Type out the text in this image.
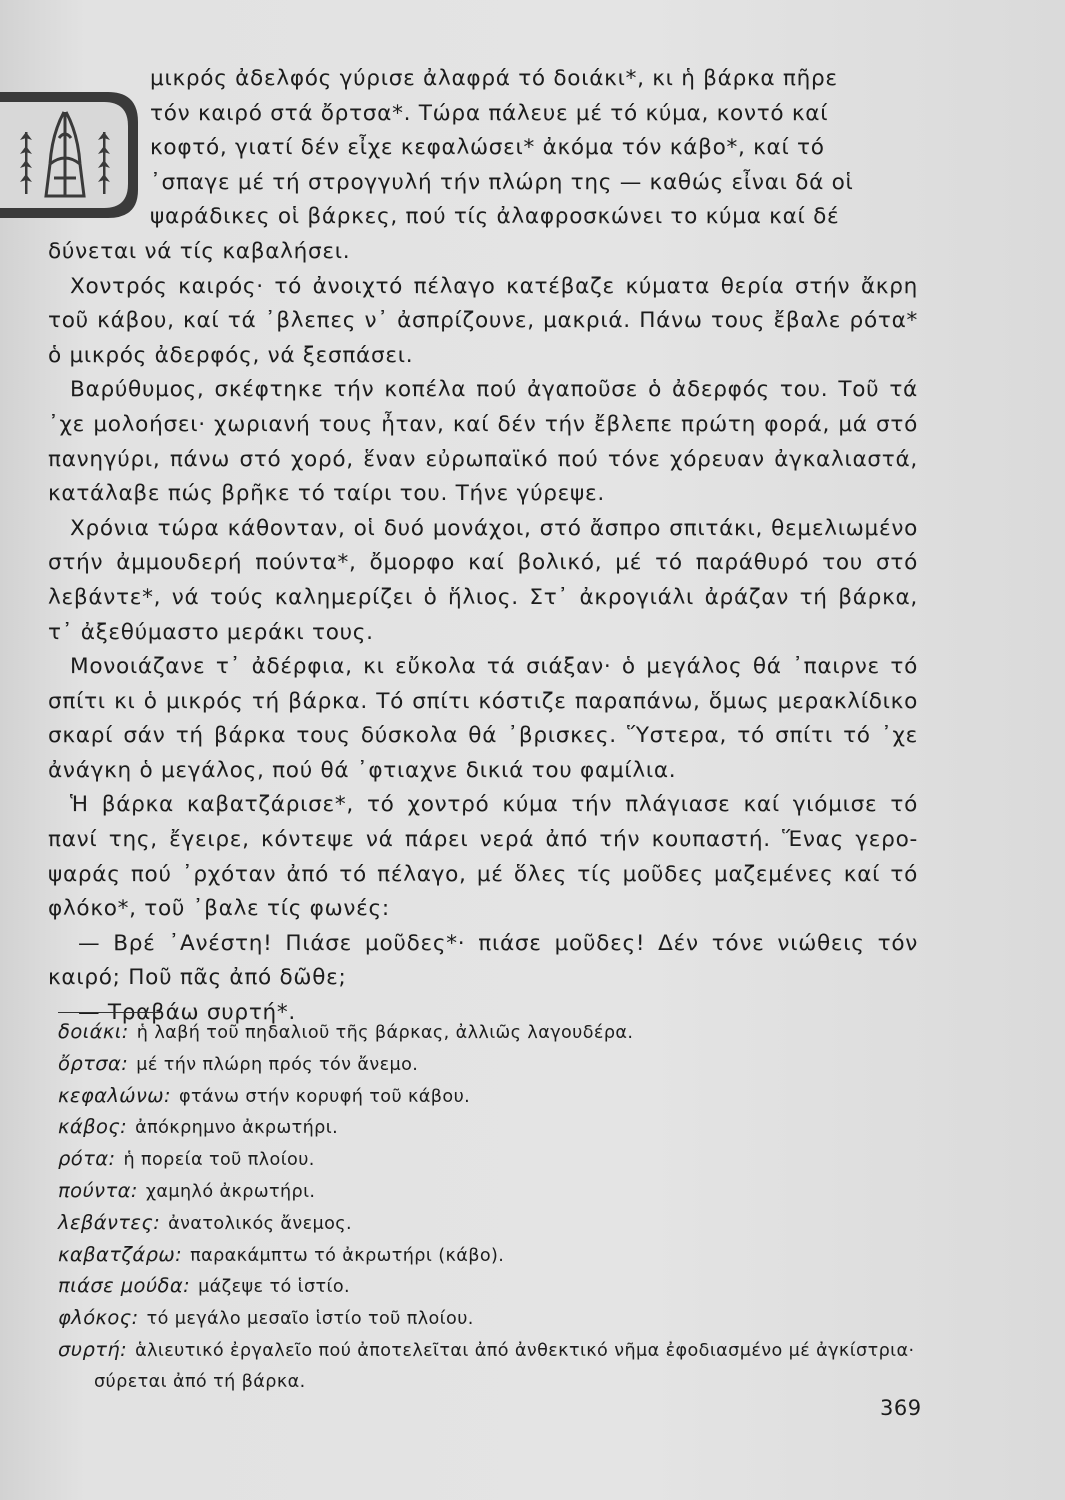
μικρός ἀδελφός γύρισε ἀλαφρά τό δοιάκι*, κι ἡ βάρκα πῆρε
τόν καιρό στά ὄρτσα*. Τώρα πάλευε μέ τό κύμα, κοντό καί
κοφτό, γιατί δέν εἶχε κεφαλώσει* ἀκόμα τόν κάβο*, καί τό
᾽σπαγε μέ τή στρογγυλή τήν πλώρη της — καθώς εἶναι δά οἱ
ψαράδικες οἱ βάρκες, πού τίς ἀλαφροσκώνει το κύμα καί δέ

δύνεται νά τίς καβαλήσει.

Χοντρός καιρός· τό ἀνοιχτό πέλαγο κατέβαζε κύματα θερία στήν ἄκρη τοῦ κάβου, καί τά ᾽βλεπες ν᾽ ἀσπρίζουνε, μακριά. Πάνω τους ἔβαλε ρότα* ὁ μικρός ἀδερφός, νά ξεσπάσει.

Βαρύθυμος, σκέφτηκε τήν κοπέλα πού ἀγαποῦσε ὁ ἀδερφός του. Τοῦ τά ᾽χε μολοήσει· χωριανή τους ἦταν, καί δέν τήν ἔβλεπε πρώτη φορά, μά στό πανηγύρι, πάνω στό χορό, ἕναν εὐρωπαϊκό πού τόνε χόρευαν ἀγκαλιαστά, κατάλαβε πώς βρῆκε τό ταίρι του. Τήνε γύρεψε.

Χρόνια τώρα κάθονταν, οἱ δυό μονάχοι, στό ἄσπρο σπιτάκι, θεμελιωμένο στήν ἀμμουδερή πούντα*, ὄμορφο καί βολικό, μέ τό παράθυρό του στό λεβάντε*, νά τούς καλημερίζει ὁ ἥλιος. Στ᾽ ἀκρογιάλι ἀράζαν τή βάρκα, τ᾽ ἀξεθύμαστο μεράκι τους.

Μονοιάζανε τ᾽ ἀδέρφια, κι εὔκολα τά σιάξαν· ὁ μεγάλος θά ᾽παιρνε τό σπίτι κι ὁ μικρός τή βάρκα. Τό σπίτι κόστιζε παραπάνω, ὅμως μερακλίδικο σκαρί σάν τή βάρκα τους δύσκολα θά ᾽βρισκες. Ὕστερα, τό σπίτι τό ᾽χε ἀνάγκη ὁ μεγάλος, πού θά ᾽φτιαχνε δικιά του φαμίλια.

Ἡ βάρκα καβατζάρισε*, τό χοντρό κύμα τήν πλάγιασε καί γιόμισε τό πανί της, ἔγειρε, κόντεψε νά πάρει νερά ἀπό τήν κουπαστή. Ἕνας γερο-ψαράς πού ᾽ρχόταν ἀπό τό πέλαγο, μέ ὅλες τίς μοῦδες μαζεμένες καί τό φλόκο*, τοῦ ᾽βαλε τίς φωνές:

— Βρέ ᾽Ανέστη! Πιάσε μοῦδες*· πιάσε μοῦδες! Δέν τόνε νιώθεις τόν καιρό; Ποῦ πᾶς ἀπό δῶθε;

— Τραβάω συρτή*.

δοιάκι: ἡ λαβή τοῦ πηδαλιοῦ τῆς βάρκας, ἀλλιῶς λαγουδέρα.

ὄρτσα: μέ τήν πλώρη πρός τόν ἄνεμο.

κεφαλώνω: φτάνω στήν κορυφή τοῦ κάβου.

κάβος: ἀπόκρημνο ἀκρωτήρι.

ρότα: ἡ πορεία τοῦ πλοίου.

πούντα: χαμηλό ἀκρωτήρι.

λεβάντες: ἀνατολικός ἄνεμος.

καβατζάρω: παρακάμπτω τό ἀκρωτήρι (κάβο).

πιάσε μούδα: μάζεψε τό ἱστίο.

φλόκος: τό μεγάλο μεσαῖο ἱστίο τοῦ πλοίου.

συρτή: ἁλιευτικό ἐργαλεῖο πού ἀποτελεῖται ἀπό ἀνθεκτικό νῆμα ἐφοδιασμένο μέ ἀγκίστρια· σύρεται ἀπό τή βάρκα.

369
